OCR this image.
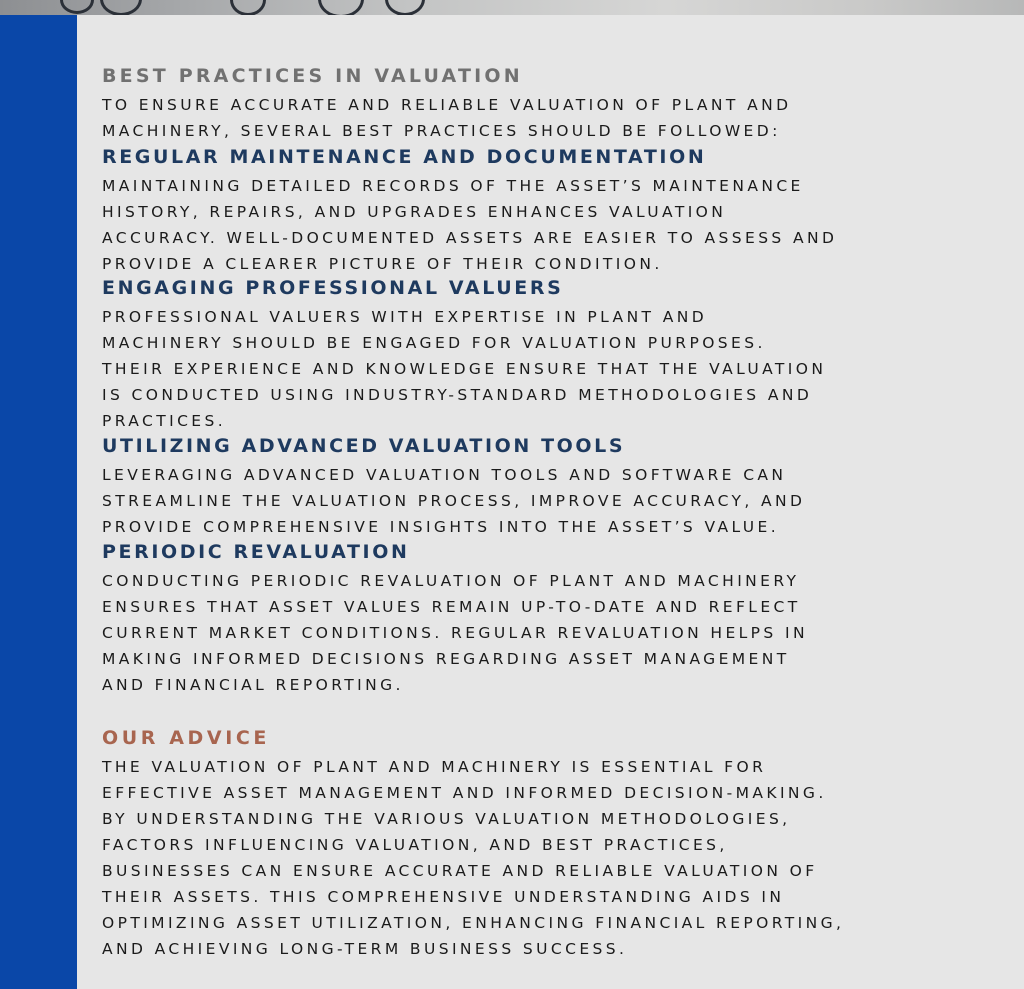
BEST PRACTICES IN VALUATION

TO ENSURE ACCURATE AND RELIABLE VALUATION OF PLANT AND
MACHINERY, SEVERAL BEST PRACTICES SHOULD BE FOLLOWED:

REGULAR MAINTENANCE AND DOCUMENTATION

MAINTAINING DETAILED RECORDS OF THE ASSET’S MAINTENANCE
HISTORY, REPAIRS, AND UPGRADES ENHANCES VALUATION
ACCURACY. WELL-DOCUMENTED ASSETS ARE EASIER TO ASSESS AND
PROVIDE A CLEARER PICTURE OF THEIR CONDITION.

ENGAGING PROFESSIONAL VALUERS

PROFESSIONAL VALUERS WITH EXPERTISE IN PLANT AND
MACHINERY SHOULD BE ENGAGED FOR VALUATION PURPOSES.
THEIR EXPERIENCE AND KNOWLEDGE ENSURE THAT THE VALUATION
IS CONDUCTED USING INDUSTRY-STANDARD METHODOLOGIES AND
PRACTICES.

UTILIZING ADVANCED VALUATION TOOLS

LEVERAGING ADVANCED VALUATION TOOLS AND SOFTWARE CAN
STREAMLINE THE VALUATION PROCESS, IMPROVE ACCURACY, AND
PROVIDE COMPREHENSIVE INSIGHTS INTO THE ASSET’S VALUE.

PERIODIC REVALUATION

CONDUCTING PERIODIC REVALUATION OF PLANT AND MACHINERY
ENSURES THAT ASSET VALUES REMAIN UP-TO-DATE AND REFLECT
CURRENT MARKET CONDITIONS. REGULAR REVALUATION HELPS IN
MAKING INFORMED DECISIONS REGARDING ASSET MANAGEMENT
AND FINANCIAL REPORTING.

OUR ADVICE

THE VALUATION OF PLANT AND MACHINERY IS ESSENTIAL FOR
EFFECTIVE ASSET MANAGEMENT AND INFORMED DECISION-MAKING.
BY UNDERSTANDING THE VARIOUS VALUATION METHODOLOGIES,
FACTORS INFLUENCING VALUATION, AND BEST PRACTICES,
BUSINESSES CAN ENSURE ACCURATE AND RELIABLE VALUATION OF
THEIR ASSETS. THIS COMPREHENSIVE UNDERSTANDING AIDS IN
OPTIMIZING ASSET UTILIZATION, ENHANCING FINANCIAL REPORTING,
AND ACHIEVING LONG-TERM BUSINESS SUCCESS.
